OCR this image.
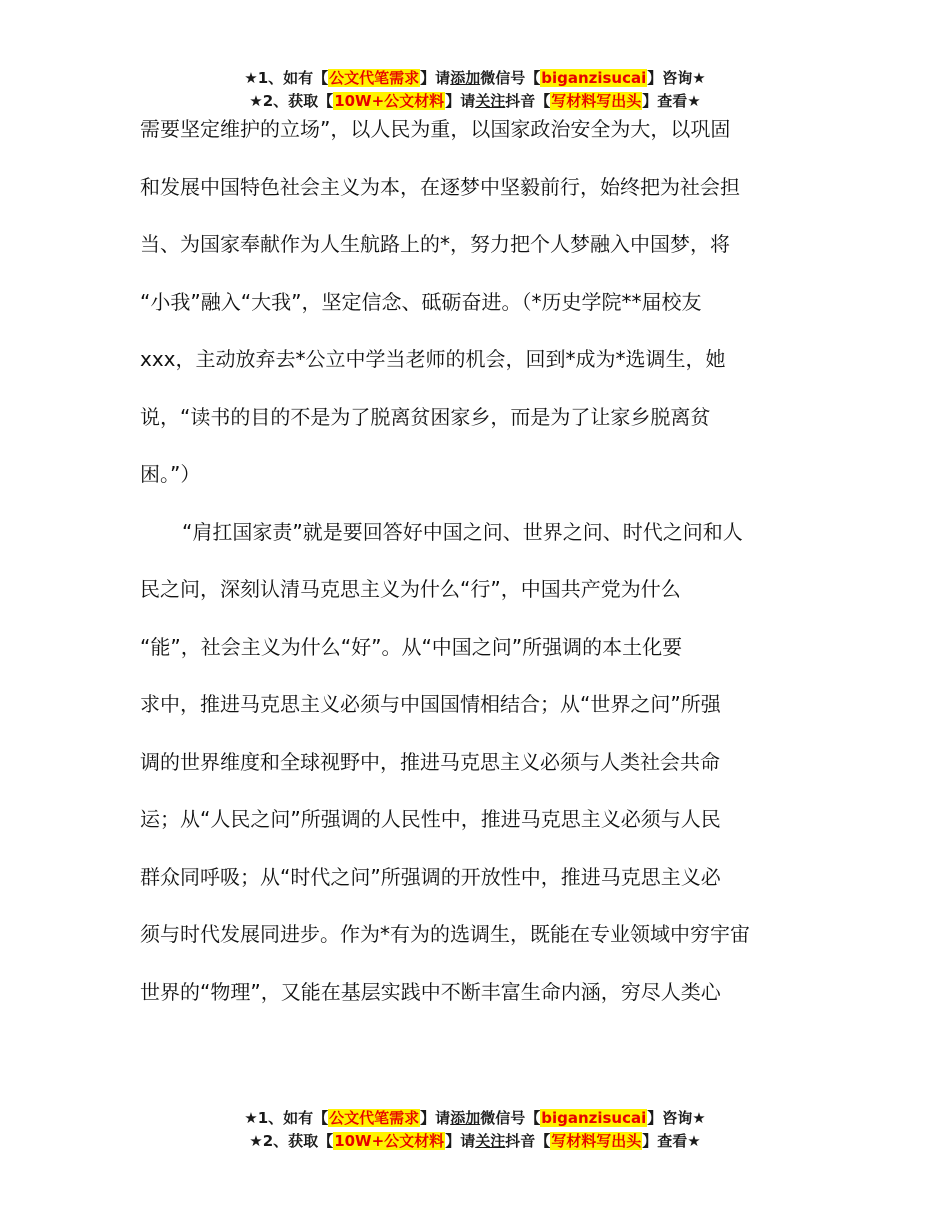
★1、如有【公文代笔需求】请添加微信号【biganzisucai】咨询★
★2、获取【10W+公文材料】请关注抖音【写材料写出头】查看★
需要坚定维护的立场”，以人民为重，以国家政治安全为大，以巩固
和发展中国特色社会主义为本，在逐梦中坚毅前行，始终把为社会担
当、为国家奉献作为人生航路上的*，努力把个人梦融入中国梦，将
“小我”融入“大我”，坚定信念、砥砺奋进。（*历史学院**届校友
xxx，主动放弃去*公立中学当老师的机会，回到*成为*选调生，她
说，“读书的目的不是为了脱离贫困家乡，而是为了让家乡脱离贫
困。”）
“肩扛国家责”就是要回答好中国之问、世界之问、时代之问和人
民之问，深刻认清马克思主义为什么“行”，中国共产党为什么
“能”，社会主义为什么“好”。从“中国之问”所强调的本土化要
求中，推进马克思主义必须与中国国情相结合；从“世界之问”所强
调的世界维度和全球视野中，推进马克思主义必须与人类社会共命
运；从“人民之问”所强调的人民性中，推进马克思主义必须与人民
群众同呼吸；从“时代之问”所强调的开放性中，推进马克思主义必
须与时代发展同进步。作为*有为的选调生，既能在专业领域中穷宇宙
世界的“物理”，又能在基层实践中不断丰富生命内涵，穷尽人类心
★1、如有【公文代笔需求】请添加微信号【biganzisucai】咨询★
★2、获取【10W+公文材料】请关注抖音【写材料写出头】查看★
